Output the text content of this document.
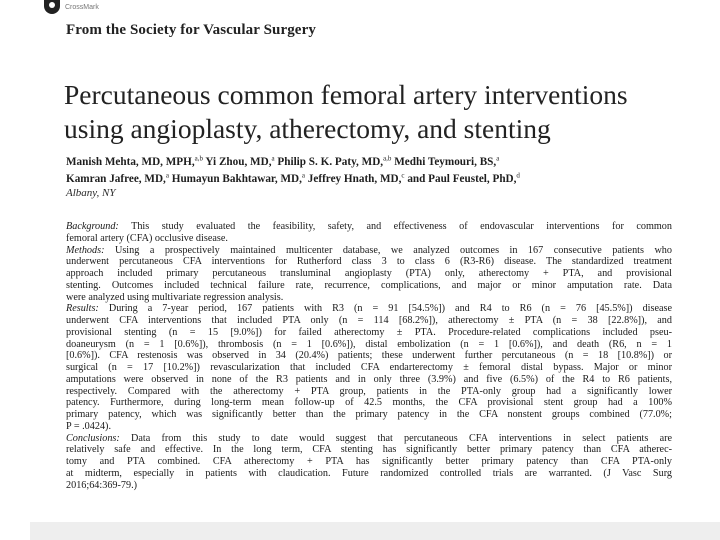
CrossMark
From the Society for Vascular Surgery
Percutaneous common femoral artery interventions
using angioplasty, atherectomy, and stenting
Manish Mehta, MD, MPH,$^{a,b}$ Yi Zhou, MD,$^a$ Philip S. K. Paty, MD,$^{a,b}$ Medhi Teymouri, BS,$^a$
Kamran Jafree, MD,$^a$ Humayun Bakhtawar, MD,$^a$ Jeffrey Hnath, MD,$^c$ and Paul Feustel, PhD,$^d$
Albany, NY
Background: This study evaluated the feasibility, safety, and effectiveness of endovascular interventions for common
femoral artery (CFA) occlusive disease.
Methods: Using a prospectively maintained multicenter database, we analyzed outcomes in 167 consecutive patients who
underwent percutaneous CFA interventions for Rutherford class 3 to class 6 (R3-R6) disease. The standardized treatment
approach included primary percutaneous transluminal angioplasty (PTA) only, atherectomy + PTA, and provisional
stenting. Outcomes included technical failure rate, recurrence, complications, and major or minor amputation rate. Data
were analyzed using multivariate regression analysis.
Results: During a 7-year period, 167 patients with R3 (n = 91 [54.5%]) and R4 to R6 (n = 76 [45.5%]) disease
underwent CFA interventions that included PTA only (n = 114 [68.2%]), atherectomy ± PTA (n = 38 [22.8%]), and
provisional stenting (n = 15 [9.0%]) for failed atherectomy ± PTA. Procedure-related complications included pseu-
doaneurysm (n = 1 [0.6%]), thrombosis (n = 1 [0.6%]), distal embolization (n = 1 [0.6%]), and death (R6, n = 1
[0.6%]). CFA restenosis was observed in 34 (20.4%) patients; these underwent further percutaneous (n = 18 [10.8%]) or
surgical (n = 17 [10.2%]) revascularization that included CFA endarterectomy ± femoral distal bypass. Major or minor
amputations were observed in none of the R3 patients and in only three (3.9%) and five (6.5%) of the R4 to R6 patients,
respectively. Compared with the atherectomy + PTA group, patients in the PTA-only group had a significantly lower
patency. Furthermore, during long-term mean follow-up of 42.5 months, the CFA provisional stent group had a 100%
primary patency, which was significantly better than the primary patency in the CFA nonstent groups combined (77.0%;
P = .0424).
Conclusions: Data from this study to date would suggest that percutaneous CFA interventions in select patients are
relatively safe and effective. In the long term, CFA stenting has significantly better primary patency than CFA atherec-
tomy and PTA combined. CFA atherectomy + PTA has significantly better primary patency than CFA PTA-only
at midterm, especially in patients with claudication. Future randomized controlled trials are warranted. (J Vasc Surg
2016;64:369-79.)
